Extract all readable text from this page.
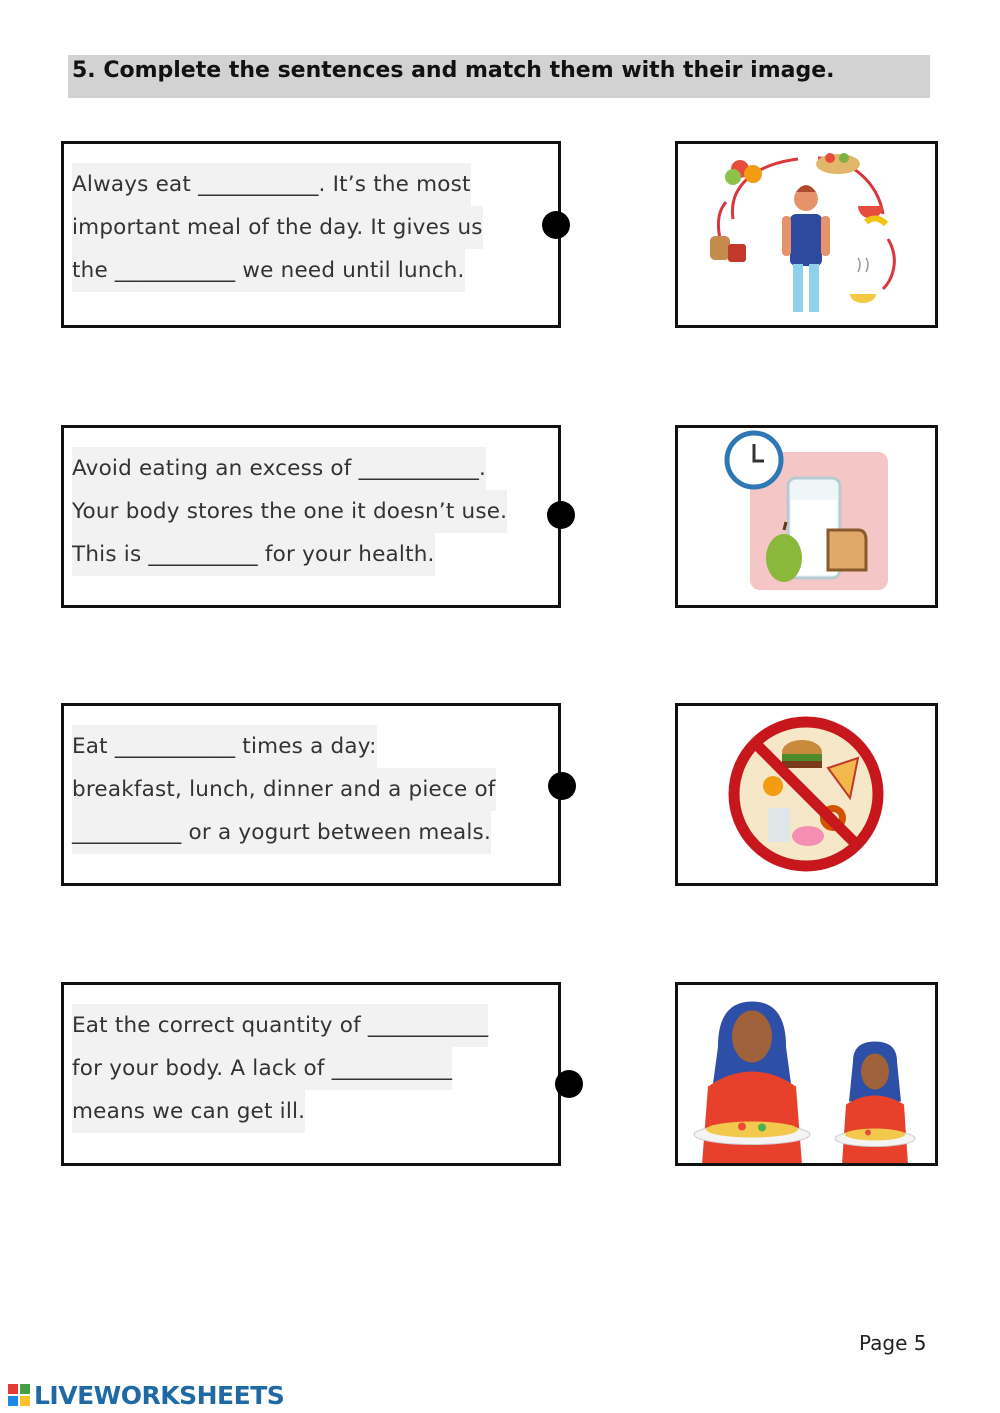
5. Complete the sentences and match them with their image.
Always eat ___________. It’s the most
important meal of the day. It gives us
the ___________ we need until lunch.
Avoid eating an excess of ___________.
Your body stores the one it doesn’t use.
This is __________ for your health.
Eat ___________ times a day:
breakfast, lunch, dinner and a piece of
__________ or a yogurt between meals.
Eat the correct quantity of ___________
for your body. A lack of ___________
means we can get ill.
Page 5
LIVEWORKSHEETS
